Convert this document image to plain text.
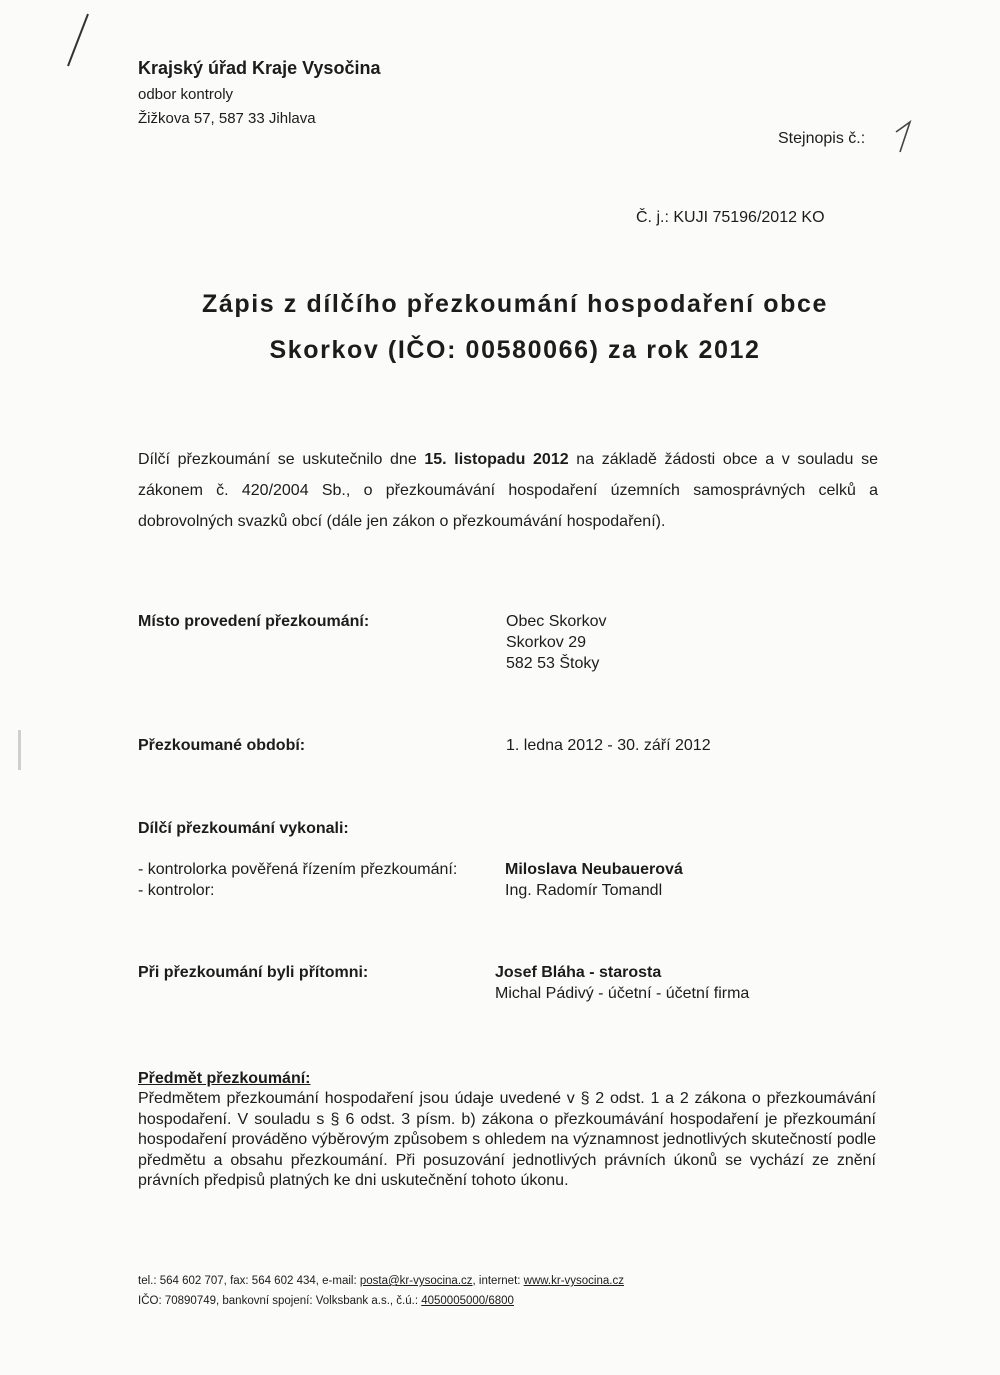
Krajský úřad Kraje Vysočina
odbor kontroly
Žižkova 57, 587 33 Jihlava
Stejnopis č.:
Č. j.: KUJI 75196/2012 KO
Zápis z dílčího přezkoumání hospodaření obce
Skorkov (IČO: 00580066) za rok 2012
Dílčí přezkoumání se uskutečnilo dne 15. listopadu 2012 na základě žádosti obce a v souladu se zákonem č. 420/2004 Sb., o přezkoumávání hospodaření územních samosprávných celků a dobrovolných svazků obcí (dále jen zákon o přezkoumávání hospodaření).
Místo provedení přezkoumání:	Obec Skorkov
Skorkov 29
582 53 Štoky
Přezkoumané období:	1. ledna 2012 - 30. září 2012
Dílčí přezkoumání vykonali:
- kontrolorka pověřená řízením přezkoumání:	Miloslava Neubauerová
- kontrolor:	Ing. Radomír Tomandl
Při přezkoumání byli přítomni:	Josef Bláha - starosta
Michal Pádivý - účetní - účetní firma
Předmět přezkoumání:
Předmětem přezkoumání hospodaření jsou údaje uvedené v § 2 odst. 1 a 2 zákona o přezkoumávání hospodaření. V souladu s § 6 odst. 3 písm. b) zákona o přezkoumávání hospodaření je přezkoumání hospodaření prováděno výběrovým způsobem s ohledem na významnost jednotlivých skutečností podle předmětu a obsahu přezkoumání. Při posuzování jednotlivých právních úkonů se vychází ze znění právních předpisů platných ke dni uskutečnění tohoto úkonu.
tel.: 564 602 707, fax: 564 602 434, e-mail: posta@kr-vysocina.cz, internet: www.kr-vysocina.cz
IČO: 70890749, bankovní spojení: Volksbank a.s., č.ú.: 4050005000/6800
